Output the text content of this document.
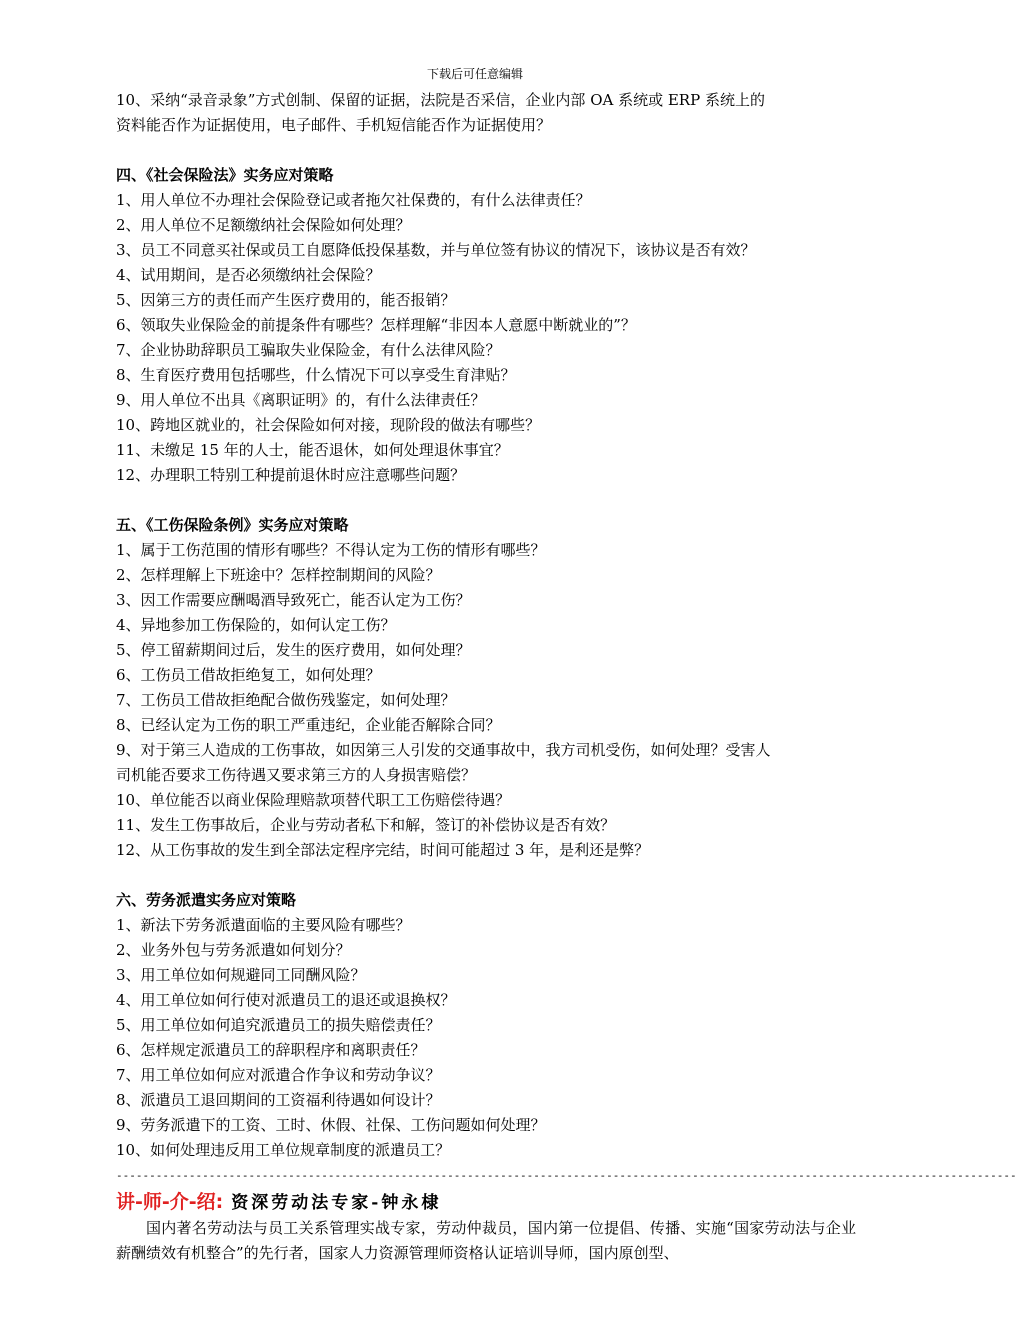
下载后可任意编辑
10、采纳“录音录象”方式创制、保留的证据，法院是否采信，企业内部 OA 系统或 ERP 系统上的
资料能否作为证据使用，电子邮件、手机短信能否作为证据使用？
四、《社会保险法》实务应对策略
1、用人单位不办理社会保险登记或者拖欠社保费的，有什么法律责任？
2、用人单位不足额缴纳社会保险如何处理？
3、员工不同意买社保或员工自愿降低投保基数，并与单位签有协议的情况下，该协议是否有效？
4、试用期间，是否必须缴纳社会保险？
5、因第三方的责任而产生医疗费用的，能否报销？
6、领取失业保险金的前提条件有哪些？怎样理解“非因本人意愿中断就业的”？
7、企业协助辞职员工骗取失业保险金，有什么法律风险？
8、生育医疗费用包括哪些，什么情况下可以享受生育津贴？
9、用人单位不出具《离职证明》的，有什么法律责任？
10、跨地区就业的，社会保险如何对接，现阶段的做法有哪些？
11、未缴足 15 年的人士，能否退休，如何处理退休事宜？
12、办理职工特别工种提前退休时应注意哪些问题？
五、《工伤保险条例》实务应对策略
1、属于工伤范围的情形有哪些？不得认定为工伤的情形有哪些？
2、怎样理解上下班途中？怎样控制期间的风险？
3、因工作需要应酬喝酒导致死亡，能否认定为工伤？
4、异地参加工伤保险的，如何认定工伤？
5、停工留薪期间过后，发生的医疗费用，如何处理？
6、工伤员工借故拒绝复工，如何处理？
7、工伤员工借故拒绝配合做伤残鉴定，如何处理？
8、已经认定为工伤的职工严重违纪，企业能否解除合同？
9、对于第三人造成的工伤事故，如因第三人引发的交通事故中，我方司机受伤，如何处理？受害人
司机能否要求工伤待遇又要求第三方的人身损害赔偿？
10、单位能否以商业保险理赔款项替代职工工伤赔偿待遇？
11、发生工伤事故后，企业与劳动者私下和解，签订的补偿协议是否有效？
12、从工伤事故的发生到全部法定程序完结，时间可能超过 3 年，是利还是弊？
六、劳务派遣实务应对策略
1、新法下劳务派遣面临的主要风险有哪些？
2、业务外包与劳务派遣如何划分？
3、用工单位如何规避同工同酬风险？
4、用工单位如何行使对派遣员工的退还或退换权？
5、用工单位如何追究派遣员工的损失赔偿责任？
6、怎样规定派遣员工的辞职程序和离职责任？
7、用工单位如何应对派遣合作争议和劳动争议？
8、派遣员工退回期间的工资福利待遇如何设计？
9、劳务派遣下的工资、工时、休假、社保、工伤问题如何处理？
10、如何处理违反用工单位规章制度的派遣员工？
----------------------------------------------------------------------------------------------------------------------------------------
讲-师-介-绍: 资深劳动法专家-钟永棣
国内著名劳动法与员工关系管理实战专家，劳动仲裁员，国内第一位提倡、传播、实施“国家劳动法与企业薪酬绩效有机整合”的先行者，国家人力资源管理师资格认证培训导师，国内原创型、
